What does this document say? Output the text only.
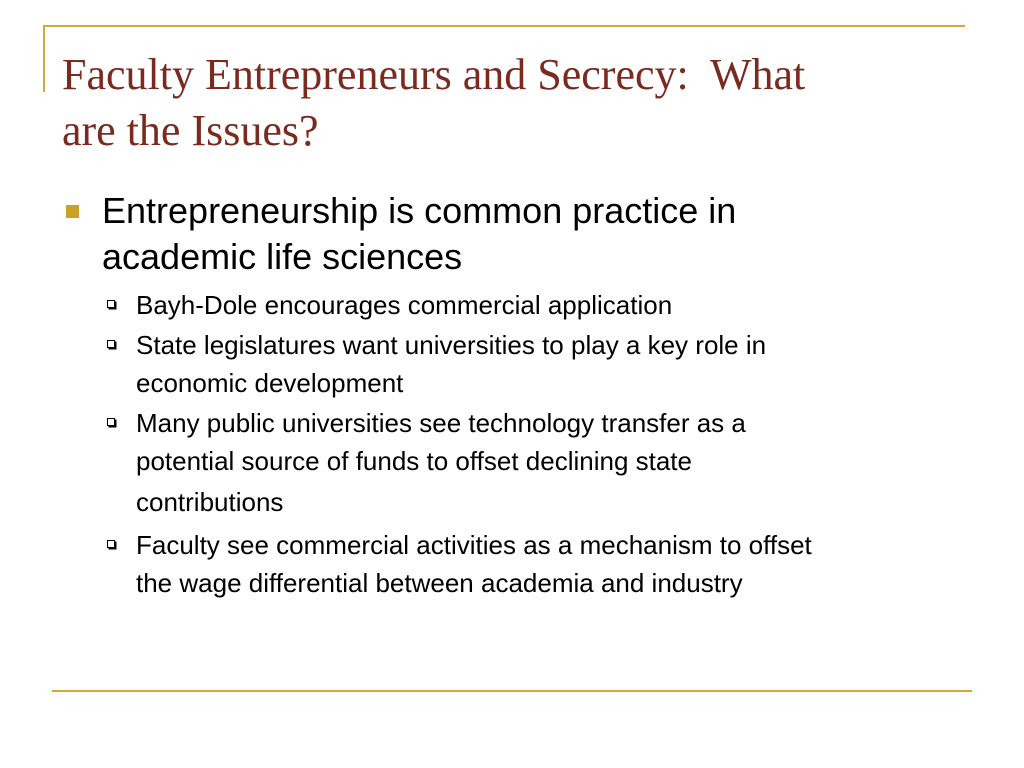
Faculty Entrepreneurs and Secrecy:  What
are the Issues?
Entrepreneurship is common practice in
academic life sciences
Bayh-Dole encourages commercial application
State legislatures want universities to play a key role in
economic development
Many public universities see technology transfer as a
potential source of funds to offset declining state
contributions
Faculty see commercial activities as a mechanism to offset
the wage differential between academia and industry
